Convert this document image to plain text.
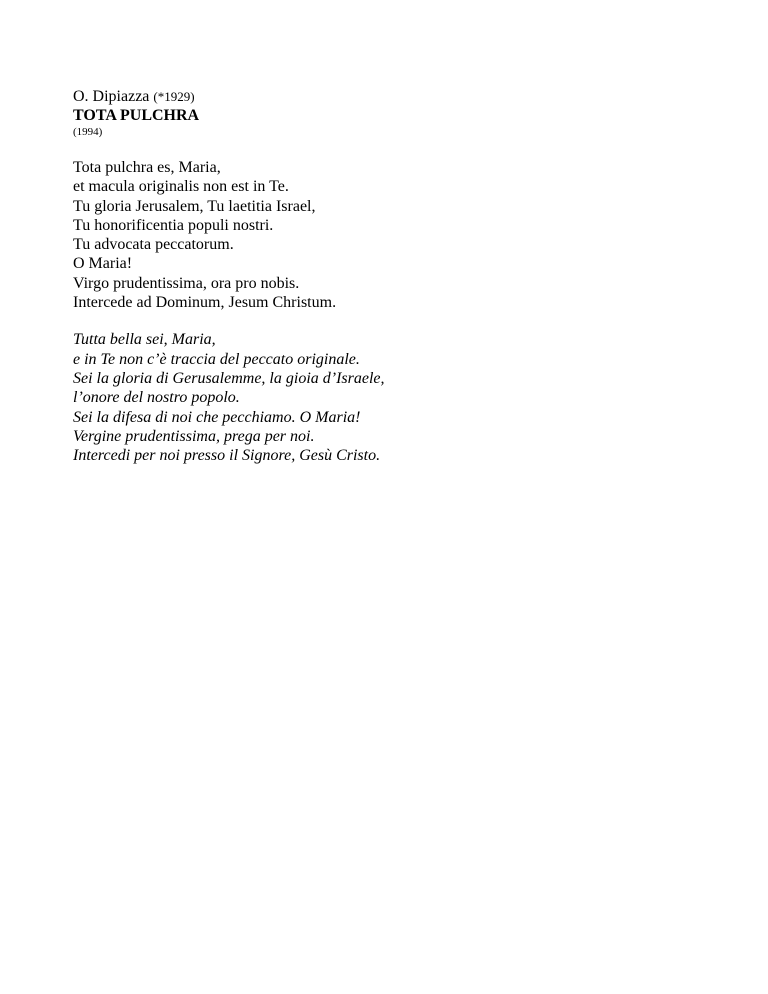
O. Dipiazza (*1929)

TOTA PULCHRA

(1994)

Tota pulchra es, Maria,
et macula originalis non est in Te.
Tu gloria Jerusalem, Tu laetitia Israel,
Tu honorificentia populi nostri.
Tu advocata peccatorum.
O Maria!
Virgo prudentissima, ora pro nobis.
Intercede ad Dominum, Jesum Christum.
Tutta bella sei, Maria,
e in Te non c’è traccia del peccato originale.
Sei la gloria di Gerusalemme, la gioia d’Israele,
l’onore del nostro popolo.
Sei la difesa di noi che pecchiamo. O Maria!
Vergine prudentissima, prega per noi.
Intercedi per noi presso il Signore, Gesù Cristo.
